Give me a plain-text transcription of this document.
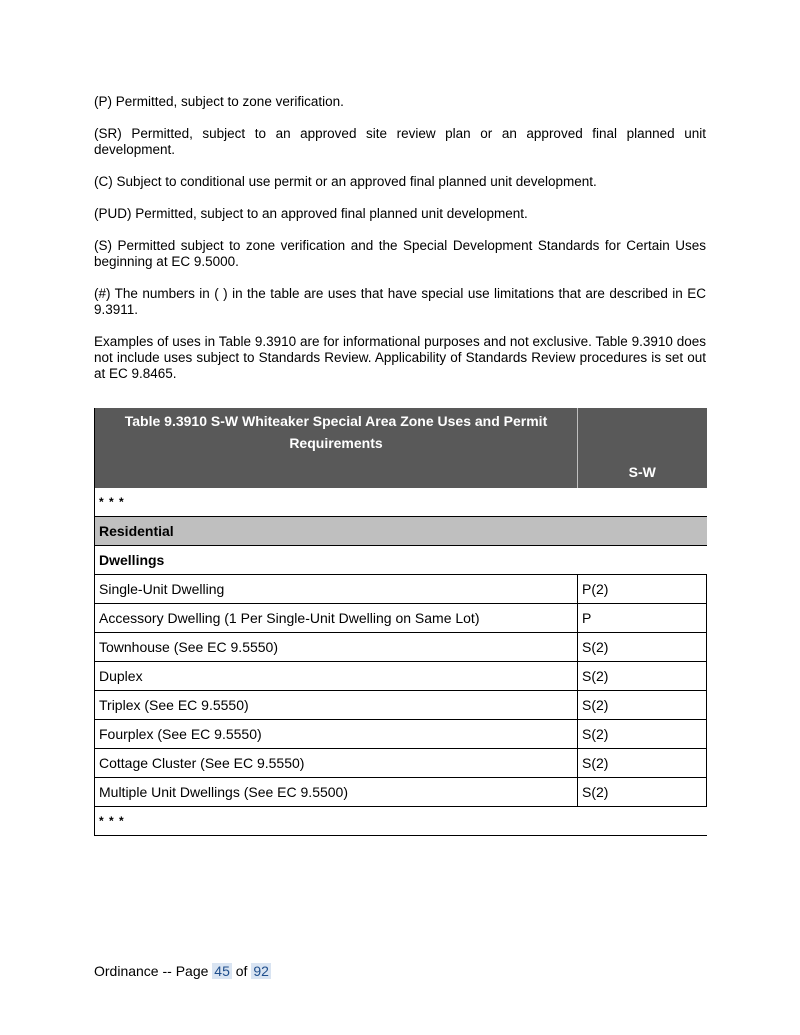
(P) Permitted, subject to zone verification.

(SR) Permitted, subject to an approved site review plan or an approved final planned unit development.

(C) Subject to conditional use permit or an approved final planned unit development.

(PUD) Permitted, subject to an approved final planned unit development.

(S) Permitted subject to zone verification and the Special Development Standards for Certain Uses beginning at EC 9.5000.

(#) The numbers in ( ) in the table are uses that have special use limitations that are described in EC 9.3911.

Examples of uses in Table 9.3910 are for informational purposes and not exclusive. Table 9.3910 does not include uses subject to Standards Review. Applicability of Standards Review procedures is set out at EC 9.8465.

Table 9.3910 S-W Whiteaker Special Area Zone Uses and Permit Requirements	S-W
* * *	
Residential	
Dwellings	
Single-Unit Dwelling	P(2)
Accessory Dwelling (1 Per Single-Unit Dwelling on Same Lot)	P
Townhouse (See EC 9.5550)	S(2)
Duplex	S(2)
Triplex (See EC 9.5550)	S(2)
Fourplex (See EC 9.5550)	S(2)
Cottage Cluster (See EC 9.5550)	S(2)
Multiple Unit Dwellings (See EC 9.5500)	S(2)
* * *	
Ordinance -- Page 45 of 92
